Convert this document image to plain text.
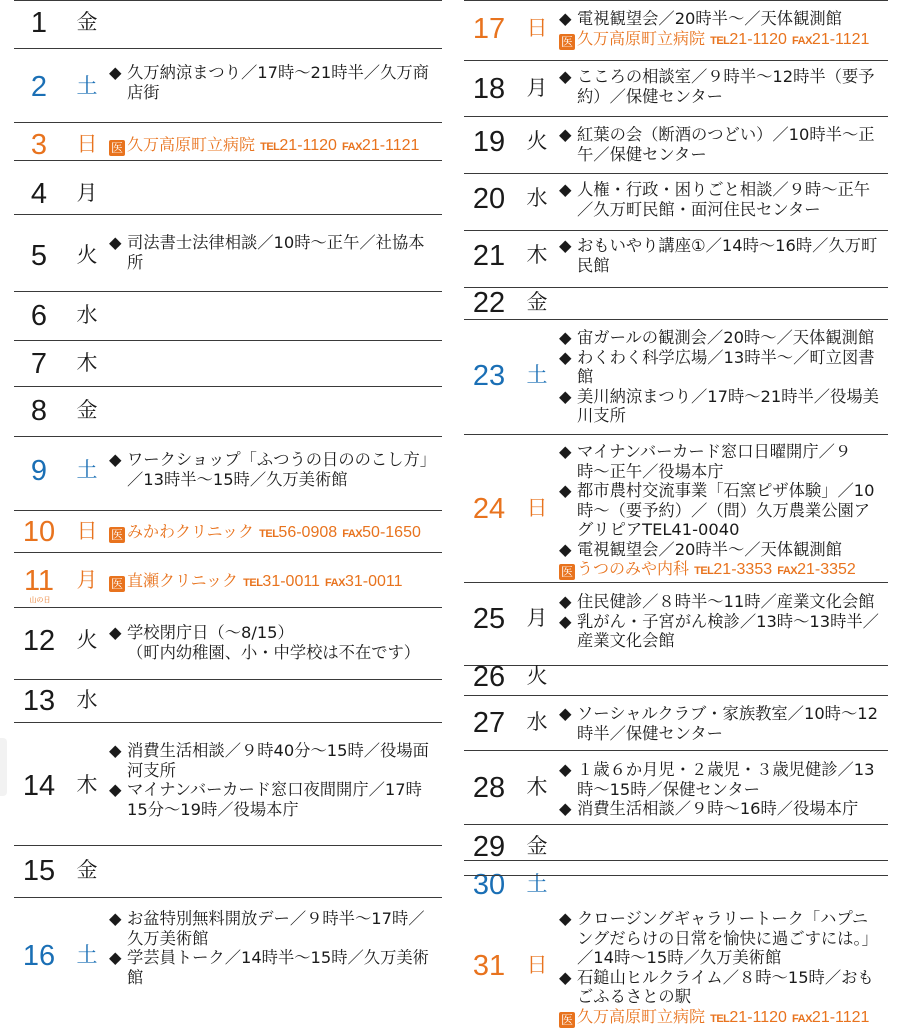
1	金
2	土
◆ 久万納涼まつり／17時〜21時半／久万商店街
3	日	医 久万高原町立病院 TEL21-1120 FAX21-1121
4	月
5	火
◆ 司法書士法律相談／10時〜正午／社協本所
6	水
7	木
8	金
9	土 ◆ ワークショップ「ふつうの日ののこし方」／13時半〜15時／久万美術館
10	日	医 みかわクリニック TEL56-0908 FAX50-1650
11	月
山の日
医 直瀬クリニック TEL31-0011 FAX31-0011
12	火 ◆ 学校閉庁日（〜8/15）
（町内幼稚園、小・中学校は不在です）
13	水
14	木
◆ 消費生活相談／９時40分〜15時／役場面河支所
◆ マイナンバーカード窓口夜間開庁／17時15分〜19時／役場本庁
15	金
16	土
◆ お盆特別無料開放デー／９時半〜17時／久万美術館
◆ 学芸員トーク／14時半〜15時／久万美術館
17	日 ◆ 電視観望会／20時半〜／天体観測館
医 久万高原町立病院 TEL21-1120 FAX21-1121
18	月 ◆ こころの相談室／９時半〜12時半（要予約）／保健センター
19	火 ◆ 紅葉の会（断酒のつどい）／10時半〜正午／保健センター
20	水 ◆ 人権・行政・困りごと相談／９時〜正午／久万町民館・面河住民センター
21	木 ◆ おもいやり講座①／14時〜16時／久万町民館
22	金
23	土
◆ 宙ガールの観測会／20時〜／天体観測館
◆ わくわく科学広場／13時半〜／町立図書館
◆ 美川納涼まつり／17時〜21時半／役場美川支所
24	日
◆ マイナンバーカード窓口日曜開庁／９時〜正午／役場本庁
◆ 都市農村交流事業「石窯ピザ体験」／10時〜（要予約）／（問）久万農業公園アグリピアTEL41-0040
◆ 電視観望会／20時半〜／天体観測館
医 うつのみや内科 TEL21-3353 FAX21-3352
25	月
◆ 住民健診／８時半〜11時／産業文化会館
◆ 乳がん・子宮がん検診／13時〜13時半／産業文化会館
26	火
27	水 ◆ ソーシャルクラブ・家族教室／10時〜12時半／保健センター
28	木
◆ １歳６か月児・２歳児・３歳児健診／13時〜15時／保健センター
◆ 消費生活相談／９時〜16時／役場本庁
29	金
30	土
31	日
◆ クロージングギャラリートーク「ハプニングだらけの日常を愉快に過ごすには。」／14時〜15時／久万美術館
◆ 石鎚山ヒルクライム／８時〜15時／おもごふるさとの駅
医 久万高原町立病院 TEL21-1120 FAX21-1121
